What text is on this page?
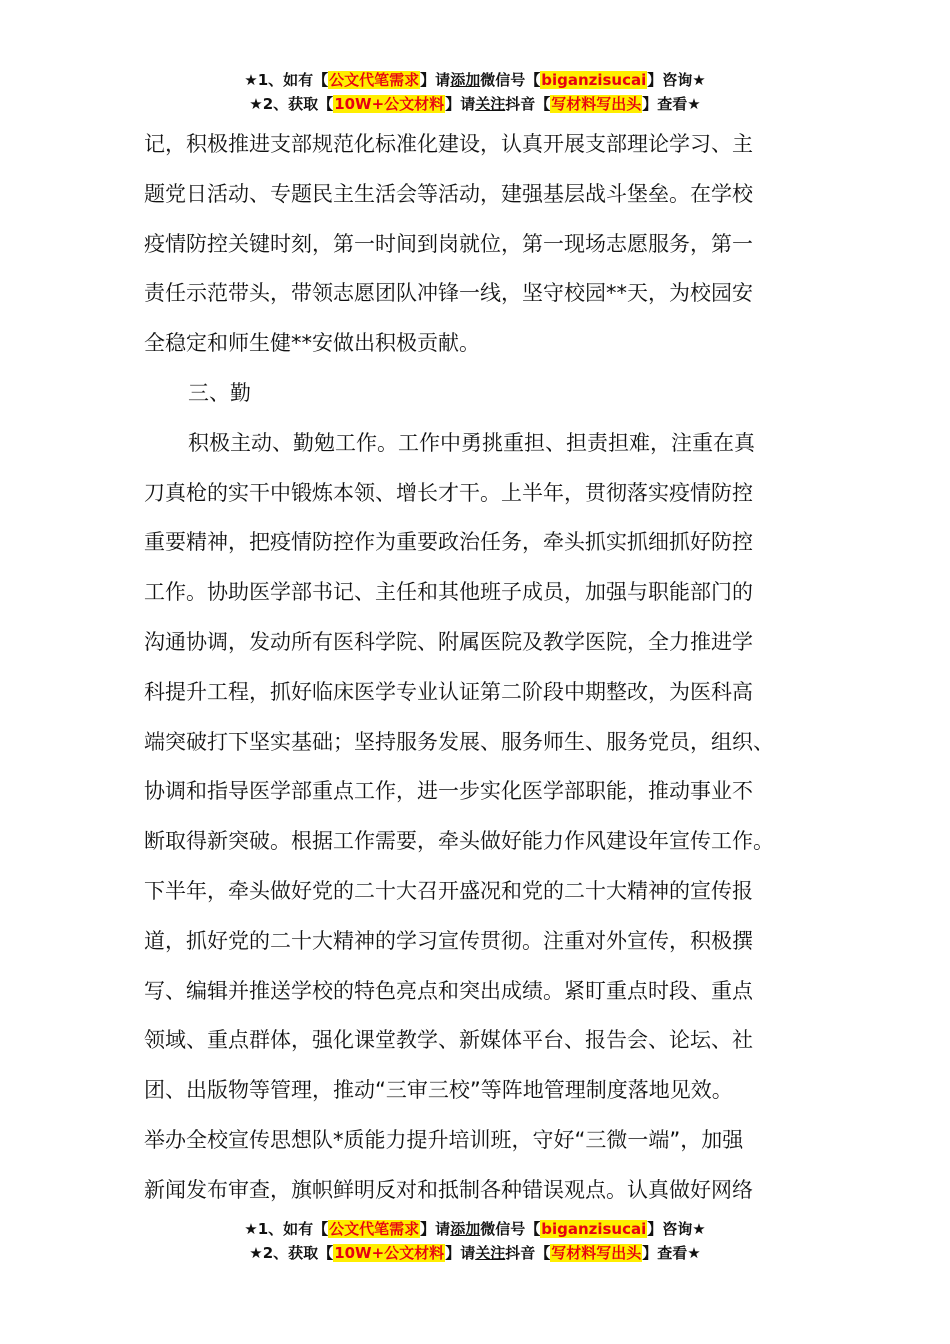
★1、如有【公文代笔需求】请添加微信号【biganzisucai】咨询★
★2、获取【10W+公文材料】请关注抖音【写材料写出头】查看★

记，积极推进支部规范化标准化建设，认真开展支部理论学习、主

题党日活动、专题民主生活会等活动，建强基层战斗堡垒。在学校

疫情防控关键时刻，第一时间到岗就位，第一现场志愿服务，第一

责任示范带头，带领志愿团队冲锋一线，坚守校园**天，为校园安

全稳定和师生健**安做出积极贡献。

三、勤

积极主动、勤勉工作。工作中勇挑重担、担责担难，注重在真

刀真枪的实干中锻炼本领、增长才干。上半年，贯彻落实疫情防控

重要精神，把疫情防控作为重要政治任务，牵头抓实抓细抓好防控

工作。协助医学部书记、主任和其他班子成员，加强与职能部门的

沟通协调，发动所有医科学院、附属医院及教学医院，全力推进学

科提升工程，抓好临床医学专业认证第二阶段中期整改，为医科高

端突破打下坚实基础；坚持服务发展、服务师生、服务党员，组织、

协调和指导医学部重点工作，进一步实化医学部职能，推动事业不

断取得新突破。根据工作需要，牵头做好能力作风建设年宣传工作。

下半年，牵头做好党的二十大召开盛况和党的二十大精神的宣传报

道，抓好党的二十大精神的学习宣传贯彻。注重对外宣传，积极撰

写、编辑并推送学校的特色亮点和突出成绩。紧盯重点时段、重点

领域、重点群体，强化课堂教学、新媒体平台、报告会、论坛、社

团、出版物等管理，推动“三审三校”等阵地管理制度落地见效。

举办全校宣传思想队*质能力提升培训班，守好“三微一端”，加强

新闻发布审查，旗帜鲜明反对和抵制各种错误观点。认真做好网络

★1、如有【公文代笔需求】请添加微信号【biganzisucai】咨询★
★2、获取【10W+公文材料】请关注抖音【写材料写出头】查看★
